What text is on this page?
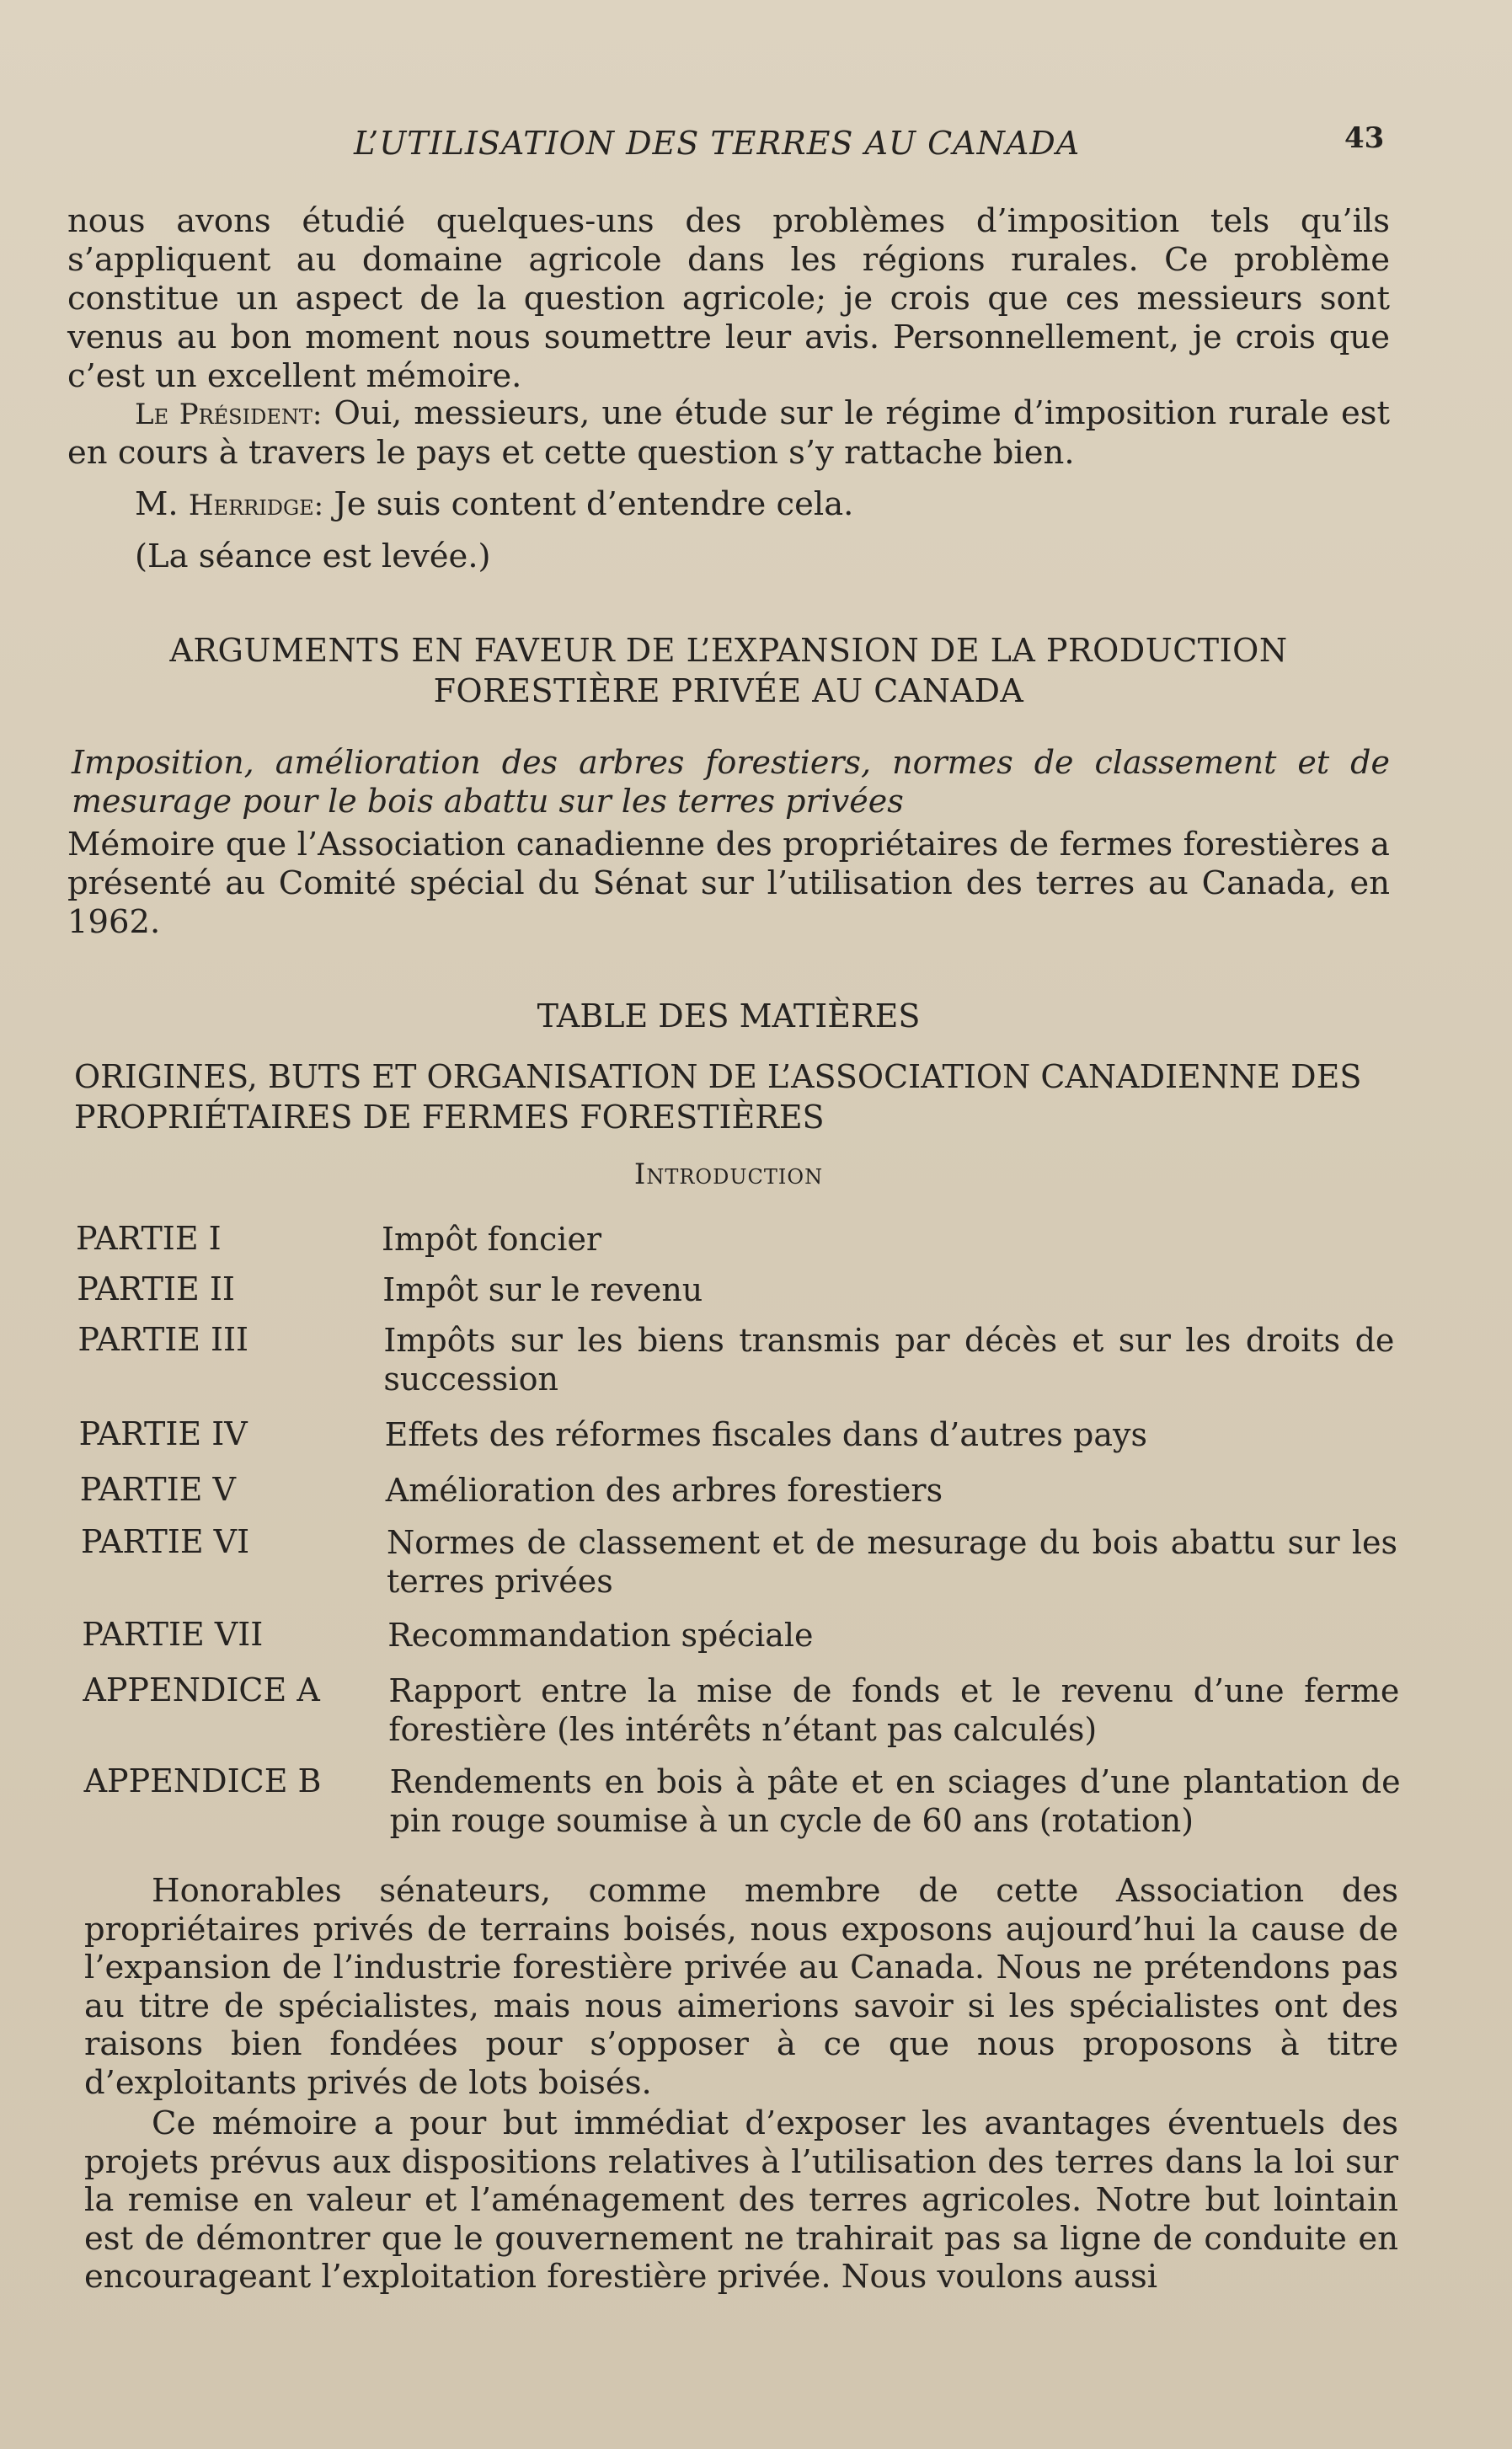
L’UTILISATION DES TERRES AU CANADA	43
nous avons étudié quelques-uns des problèmes d’imposition tels qu’ils s’appliquent au domaine agricole dans les régions rurales. Ce problème constitue un aspect de la question agricole; je crois que ces messieurs sont venus au bon moment nous soumettre leur avis. Personnellement, je crois que c’est un excellent mémoire.
Le Président: Oui, messieurs, une étude sur le régime d’imposition rurale est en cours à travers le pays et cette question s’y rattache bien.
M. Herridge: Je suis content d’entendre cela.
(La séance est levée.)
ARGUMENTS EN FAVEUR DE L’EXPANSION DE LA PRODUCTION
FORESTIÈRE PRIVÉE AU CANADA
Imposition, amélioration des arbres forestiers, normes de classement et de mesurage pour le bois abattu sur les terres privées
Mémoire que l’Association canadienne des propriétaires de fermes forestières a présenté au Comité spécial du Sénat sur l’utilisation des terres au Canada, en 1962.
TABLE DES MATIÈRES
ORIGINES, BUTS ET ORGANISATION DE L’ASSOCIATION CANADIENNE DES PROPRIÉTAIRES DE FERMES FORESTIÈRES
Introduction
PARTIE I	Impôt foncier
PARTIE II	Impôt sur le revenu
PARTIE III	Impôts sur les biens transmis par décès et sur les droits de succession
PARTIE IV	Effets des réformes fiscales dans d’autres pays
PARTIE V	Amélioration des arbres forestiers
PARTIE VI	Normes de classement et de mesurage du bois abattu sur les terres privées
PARTIE VII	Recommandation spéciale
APPENDICE A Rapport entre la mise de fonds et le revenu d’une ferme forestière (les intérêts n’étant pas calculés)
APPENDICE B Rendements en bois à pâte et en sciages d’une plantation de pin rouge soumise à un cycle de 60 ans (rotation)
Honorables sénateurs, comme membre de cette Association des propriétaires privés de terrains boisés, nous exposons aujourd’hui la cause de l’expansion de l’industrie forestière privée au Canada. Nous ne prétendons pas au titre de spécialistes, mais nous aimerions savoir si les spécialistes ont des raisons bien fondées pour s’opposer à ce que nous proposons à titre d’exploitants privés de lots boisés.
Ce mémoire a pour but immédiat d’exposer les avantages éventuels des projets prévus aux dispositions relatives à l’utilisation des terres dans la loi sur la remise en valeur et l’aménagement des terres agricoles. Notre but lointain est de démontrer que le gouvernement ne trahirait pas sa ligne de conduite en encourageant l’exploitation forestière privée. Nous voulons aussi
